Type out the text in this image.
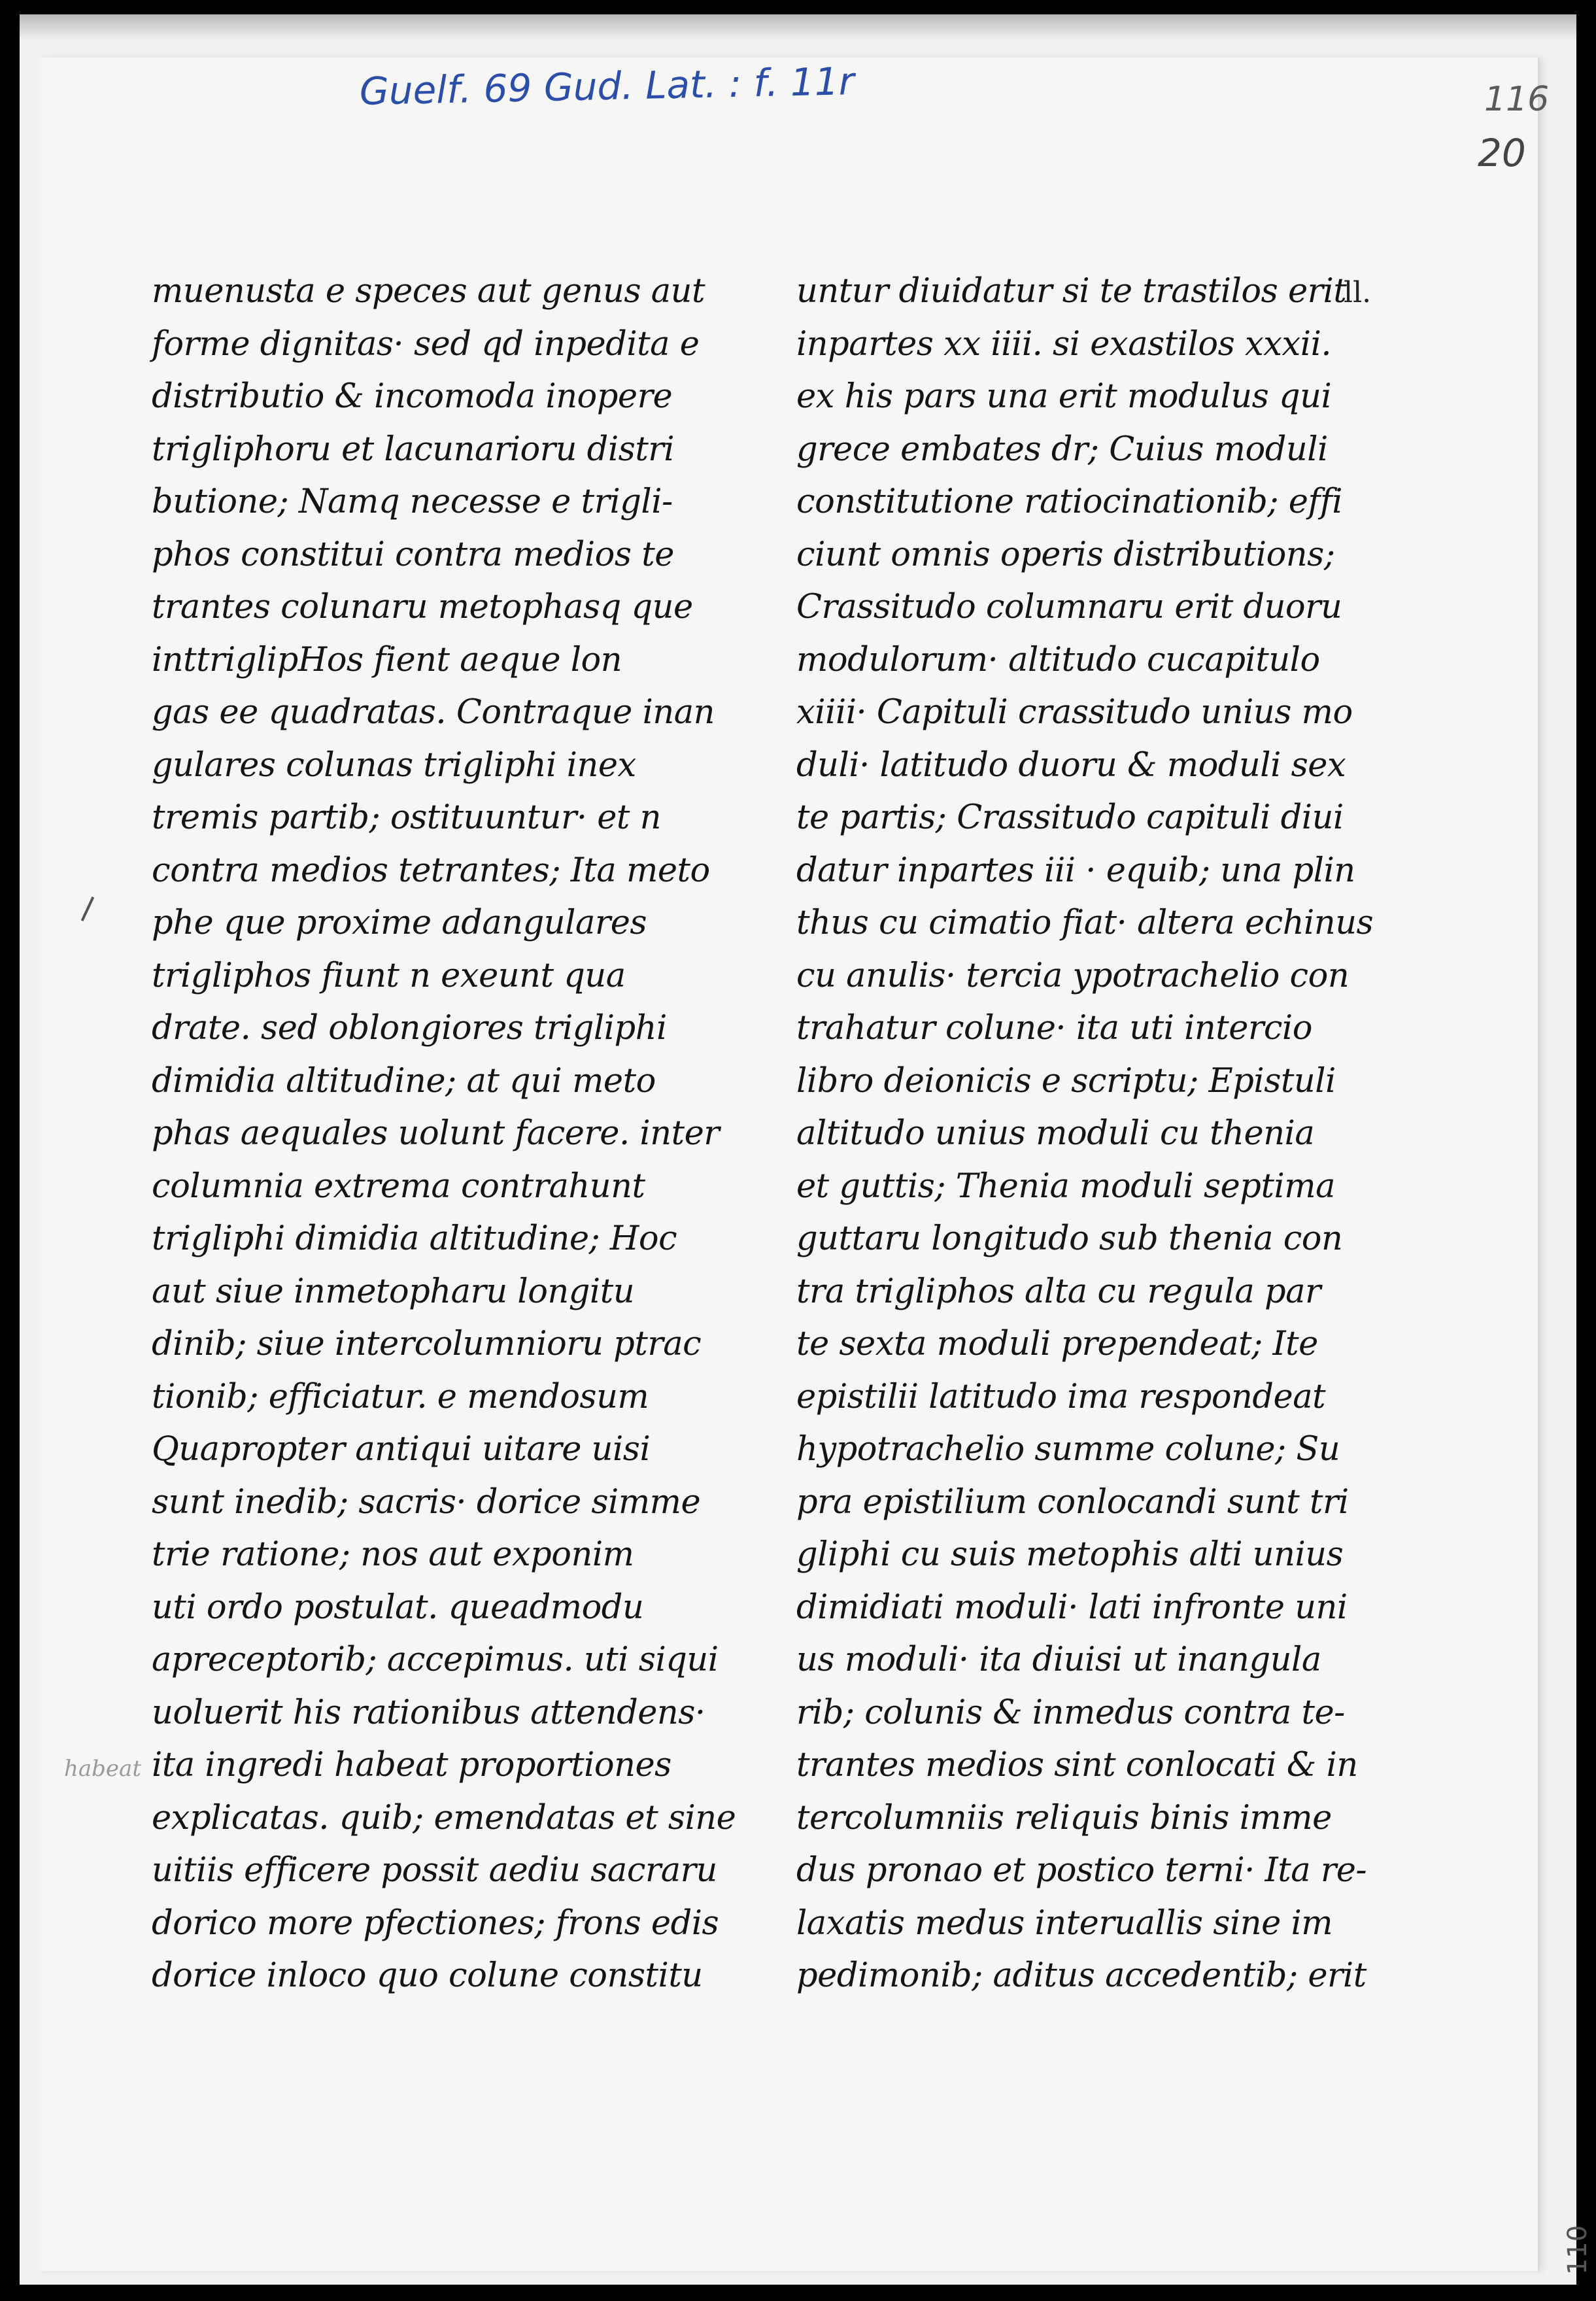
Guelf. 69 Gud. Lat. : f. 11r	116
20
muenusta e speces aut genus aut
forme dignitas· sed qd inpedita e
distributio & incomoda inopere
trigliphoru et lacunarioru distri
butione; Namq necesse e trigli-
phos constitui contra medios te
trantes colunaru metophasq que
inttriglipHos fient aeque lon
gas ee quadratas. Contraque inan
gulares colunas trigliphi inex
tremis partib; ostituuntur· et n
contra medios tetrantes; Ita meto
phe que proxime adangulares
trigliphos fiunt n exeunt qua
drate. sed oblongiores trigliphi
dimidia altitudine; at qui meto
phas aequales uolunt facere. inter
columnia extrema contrahunt
trigliphi dimidia altitudine; Hoc
aut siue inmetopharu longitu
dinib; siue intercolumnioru ptrac
tionib; efficiatur. e mendosum
Quapropter antiqui uitare uisi
sunt inedib; sacris· dorice simme
trie ratione; nos aut exponim
uti ordo postulat. queadmodu
apreceptorib; accepimus. uti siqui
uoluerit his rationibus attendens·
ita ingredi habeat proportiones
explicatas. quib; emendatas et sine
uitiis efficere possit aediu sacraru
dorico more pfectiones; frons edis
dorice inloco quo colune constitu
untur diuidatur si te trastilos erit
inpartes xx iiii. si exastilos xxxii.
ex his pars una erit modulus qui
grece embates dr; Cuius moduli
constitutione ratiocinationib; effi
ciunt omnis operis distributions;
Crassitudo columnaru erit duoru
modulorum· altitudo cucapitulo
xiiii· Capituli crassitudo unius mo
duli· latitudo duoru & moduli sex
te partis; Crassitudo capituli diui
datur inpartes iii · equib; una plin
thus cu cimatio fiat· altera echinus
cu anulis· tercia ypotrachelio con
trahatur colune· ita uti intercio
libro deionicis e scriptu; Epistuli
altitudo unius moduli cu thenia
et guttis; Thenia moduli septima
guttaru longitudo sub thenia con
tra trigliphos alta cu regula par
te sexta moduli prependeat; Ite
epistilii latitudo ima respondeat
hypotrachelio summe colune; Su
pra epistilium conlocandi sunt tri
gliphi cu suis metophis alti unius
dimidiati moduli· lati infronte uni
us moduli· ita diuisi ut inangula
rib; colunis & inmedus contra te-
trantes medios sint conlocati & in
tercolumniis reliquis binis imme
dus pronao et postico terni· Ita re-
laxatis medus interuallis sine im
pedimonib; aditus accedentib; erit
ll.
habeat
110
